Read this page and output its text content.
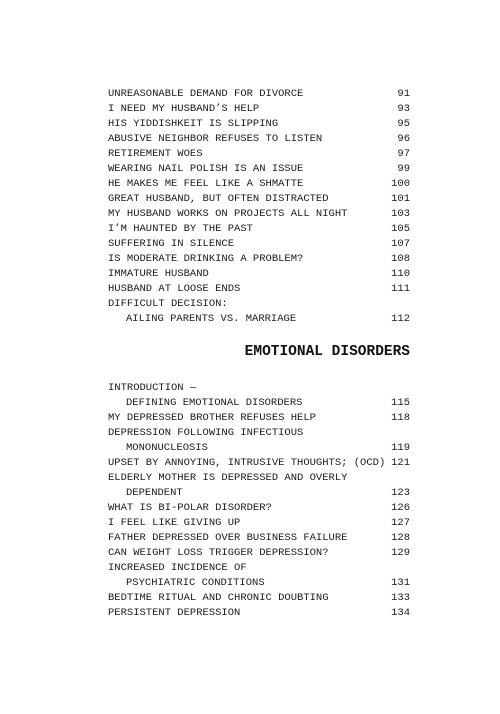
UNREASONABLE DEMAND FOR DIVORCE	91
I NEED MY HUSBAND’S HELP	93
HIS YIDDISHKEIT IS SLIPPING	95
ABUSIVE NEIGHBOR REFUSES TO LISTEN	96
RETIREMENT WOES	97
WEARING NAIL POLISH IS AN ISSUE	99
HE MAKES ME FEEL LIKE A SHMATTE	100
GREAT HUSBAND, BUT OFTEN DISTRACTED	101
MY HUSBAND WORKS ON PROJECTS ALL NIGHT	103
I’M HAUNTED BY THE PAST	105
SUFFERING IN SILENCE	107
IS MODERATE DRINKING A PROBLEM?	108
IMMATURE HUSBAND	110
HUSBAND AT LOOSE ENDS	111
DIFFICULT DECISION:
AILING PARENTS VS. MARRIAGE	112
EMOTIONAL DISORDERS
INTRODUCTION —
DEFINING EMOTIONAL DISORDERS	115
MY DEPRESSED BROTHER REFUSES HELP	118
DEPRESSION FOLLOWING INFECTIOUS
MONONUCLEOSIS	119
UPSET BY ANNOYING, INTRUSIVE THOUGHTS; (OCD) 121
ELDERLY MOTHER IS DEPRESSED AND OVERLY
DEPENDENT	123
WHAT IS BI-POLAR DISORDER?	126
I FEEL LIKE GIVING UP	127
FATHER DEPRESSED OVER BUSINESS FAILURE	128
CAN WEIGHT LOSS TRIGGER DEPRESSION?	129
INCREASED INCIDENCE OF
PSYCHIATRIC CONDITIONS	131
BEDTIME RITUAL AND CHRONIC DOUBTING	133
PERSISTENT DEPRESSION	134
